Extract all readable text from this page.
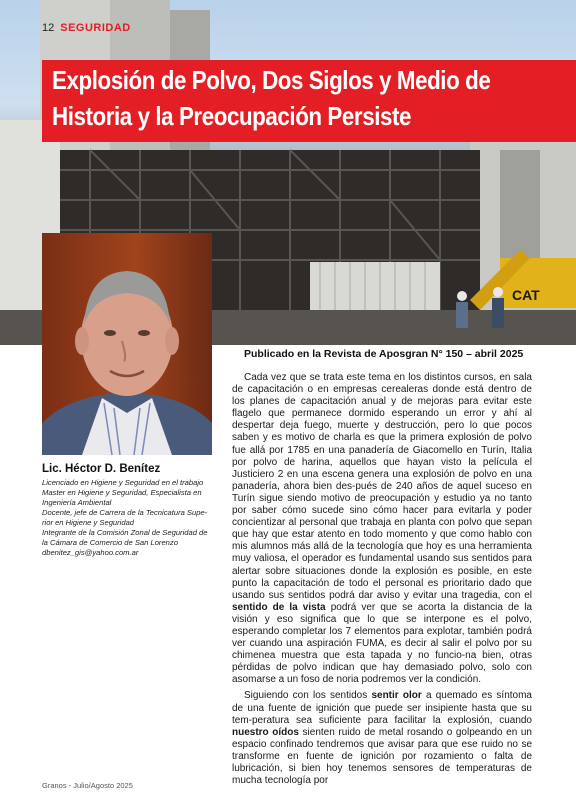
CAT
12 SEGURIDAD
Explosión de Polvo, Dos Siglos y Medio de
Historia y la Preocupación Persiste
Publicado en la Revista de Aposgran N° 150 – abril 2025
Lic. Héctor D. Benítez
Licenciado en Higiene y Seguridad en el trabajo
Master en Higiene y Seguridad, Especialista en
Ingeniería Ambiental
Docente, jefe de Carrera de la Tecnicatura Supe-
rior en Higiene y Seguridad
Integrante de la Comisión Zonal de Seguridad de
la Cámara de Comercio de San Lorenzo
dbenitez_gis@yahoo.com.ar

Cada vez que se trata este tema en los distintos cursos, en sala de capacitación o en empresas cerealeras donde está dentro de los planes de capacitación anual y de mejoras para evitar este flagelo que permanece dormido esperando un error y ahí al despertar deja fuego, muerte y destrucción, pero lo que pocos saben y es motivo de charla es que la primera explosión de polvo fue allá por 1785 en una panadería de Giacomello en Turín, Italia por polvo de harina, aquellos que hayan visto la película el Justiciero 2 en una escena genera una explosión de polvo en una panadería, ahora bien des-pués de 240 años de aquel suceso en Turín sigue siendo motivo de preocupación y estudio ya no tanto por saber cómo sucede sino cómo hacer para evitarla y poder concientizar al personal que trabaja en planta con polvo que sepan que hay que estar atento en todo momento y que como hablo con mis alumnos más allá de la tecnología que hoy es una herramienta muy valiosa, el operador es fundamental usando sus sentidos para alertar sobre situaciones donde la explosión es posible, en este punto la capacitación de todo el personal es prioritario dado que usando sus sentidos podrá dar aviso y evitar una tragedia, con el sentido de la vista podrá ver que se acorta la distancia de la visión y eso significa que lo que se interpone es el polvo, esperando completar los 7 elementos para explotar, también podrá ver cuando una aspiración FUMA, es decir al salir el polvo por su chimenea muestra que esta tapada y no funcio-na bien, otras pérdidas de polvo indican que hay demasiado polvo, solo con asomarse a un foso de noria podremos ver la condición.

Siguiendo con los sentidos sentir olor a quemado es síntoma de una fuente de ignición que puede ser insipiente hasta que su tem-peratura sea suficiente para facilitar la explosión, cuando nuestro oídos sienten ruido de metal rosando o golpeando en un espacio confinado tendremos que avisar para que ese ruido no se transforme en fuente de ignición por rozamiento o falta de lubricación, si bien hoy tenemos sensores de temperaturas de mucha tecnología por

Granos - Julio/Agosto 2025
